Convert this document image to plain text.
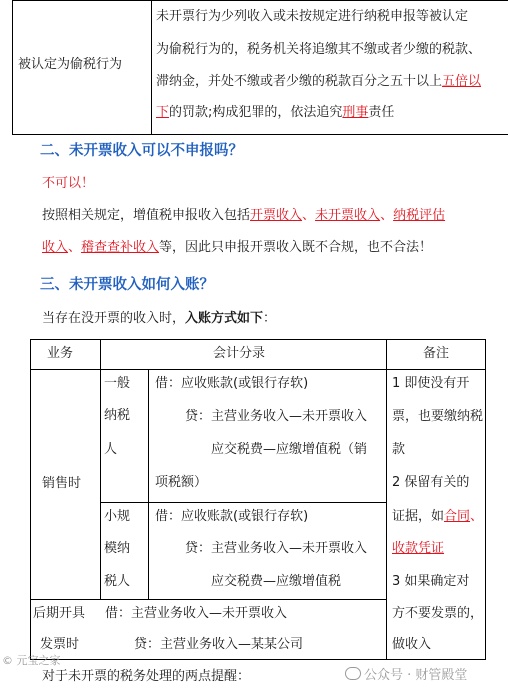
被认定为偷税行为
未开票行为少列收入或未按规定进行纳税申报等被认定
为偷税行为的，税务机关将追缴其不缴或者少缴的税款、
滞纳金，并处不缴或者少缴的税款百分之五十以上五倍以
下的罚款;构成犯罪的，依法追究刑事责任
二、未开票收入可以不申报吗？
不可以！
按照相关规定，增值税申报收入包括开票收入、未开票收入、纳税评估
收入、稽查查补收入等，因此只申报开票收入既不合规，也不合法！
三、未开票收入如何入账？
当存在没开票的收入时，入账方式如下：
业务	会计分录	备注
销售时
一般
纳税
人
借：应收账款(或银行存软)
贷：主营业务收入—未开票收入
应交税费—应缴增值税（销
项税额）
小规
模纳
税人
借：应收账款(或银行存软)
贷：主营业务收入—未开票收入
应交税费—应缴增值税
后期开具
发票时
借：主营业务收入—未开票收入
贷：主营业务收入—某某公司
1 即使没有开
票，也要缴纳税
款
2 保留有关的
证据，如合同、
收款凭证
3 如果确定对
方不要发票的，
做收入
对于未开票的税务处理的两点提醒：
© 元宝之家
公众号 · 财管殿堂
